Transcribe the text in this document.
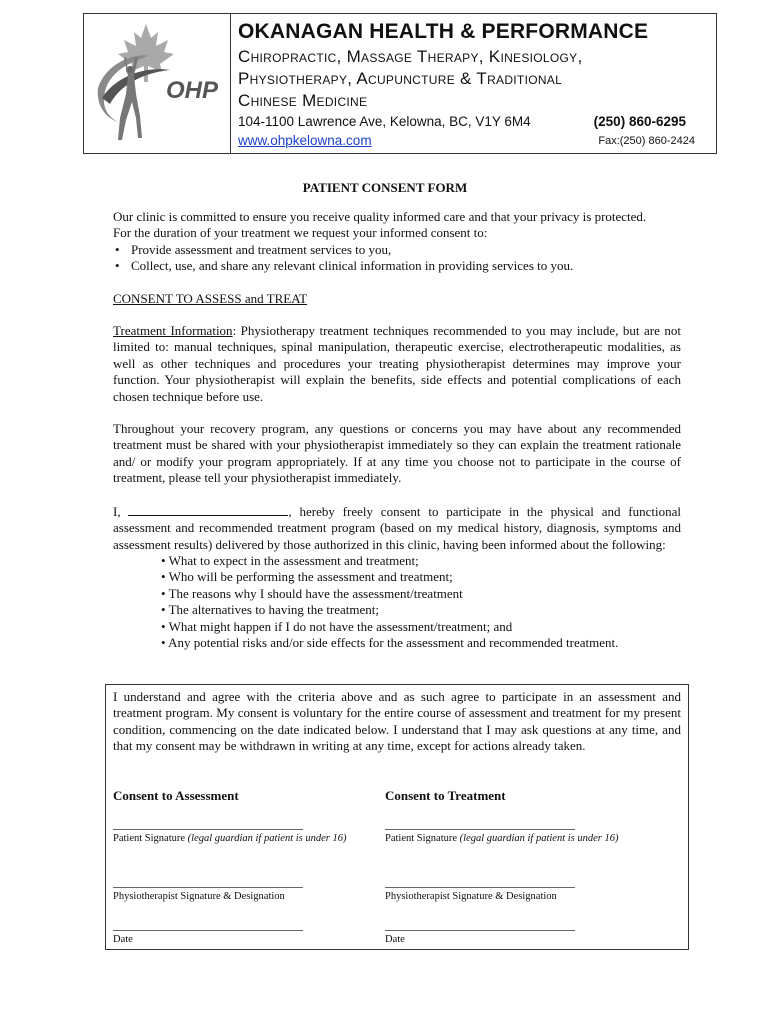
OHP
OKANAGAN HEALTH & PERFORMANCE
Chiropractic, Massage Therapy, Kinesiology,
Physiotherapy, Acupuncture & Traditional
Chinese Medicine
104-1100 Lawrence Ave, Kelowna, BC, V1Y 6M4	(250) 860-6295
www.ohpkelowna.com	Fax:(250) 860-2424
PATIENT CONSENT FORM

Our clinic is committed to ensure you receive quality informed care and that your privacy is protected.

For the duration of your treatment we request your informed consent to:

• Provide assessment and treatment services to you,
• Collect, use, and share any relevant clinical information in providing services to you.

CONSENT TO ASSESS and TREAT

Treatment Information: Physiotherapy treatment techniques recommended to you may include, but are not limited to: manual techniques, spinal manipulation, therapeutic exercise, electrotherapeutic modalities, as well as other techniques and procedures your treating physiotherapist determines may improve your function. Your physiotherapist will explain the benefits, side effects and potential complications of each chosen technique before use.

Throughout your recovery program, any questions or concerns you may have about any recommended treatment must be shared with your physiotherapist immediately so they can explain the treatment rationale and/ or modify your program appropriately. If at any time you choose not to participate in the course of treatment, please tell your physiotherapist immediately.

I,	, hereby freely consent to participate in the physical and functional assessment and recommended treatment program (based on my medical history, diagnosis, symptoms and assessment results) delivered by those authorized in this clinic, having been informed about the following:

• What to expect in the assessment and treatment;
• Who will be performing the assessment and treatment;
• The reasons why I should have the assessment/treatment
• The alternatives to having the treatment;
• What might happen if I do not have the assessment/treatment; and
• Any potential risks and/or side effects for the assessment and recommended treatment.
I understand and agree with the criteria above and as such agree to participate in an assessment and treatment program. My consent is voluntary for the entire course of assessment and treatment for my present condition, commencing on the date indicated below. I understand that I may ask questions at any time, and that my consent may be withdrawn in writing at any time, except for actions already taken.
Consent to Assessment
Patient Signature (legal guardian if patient is under 16)
Physiotherapist Signature & Designation
Date
Consent to Treatment
Patient Signature (legal guardian if patient is under 16)
Physiotherapist Signature & Designation
Date
